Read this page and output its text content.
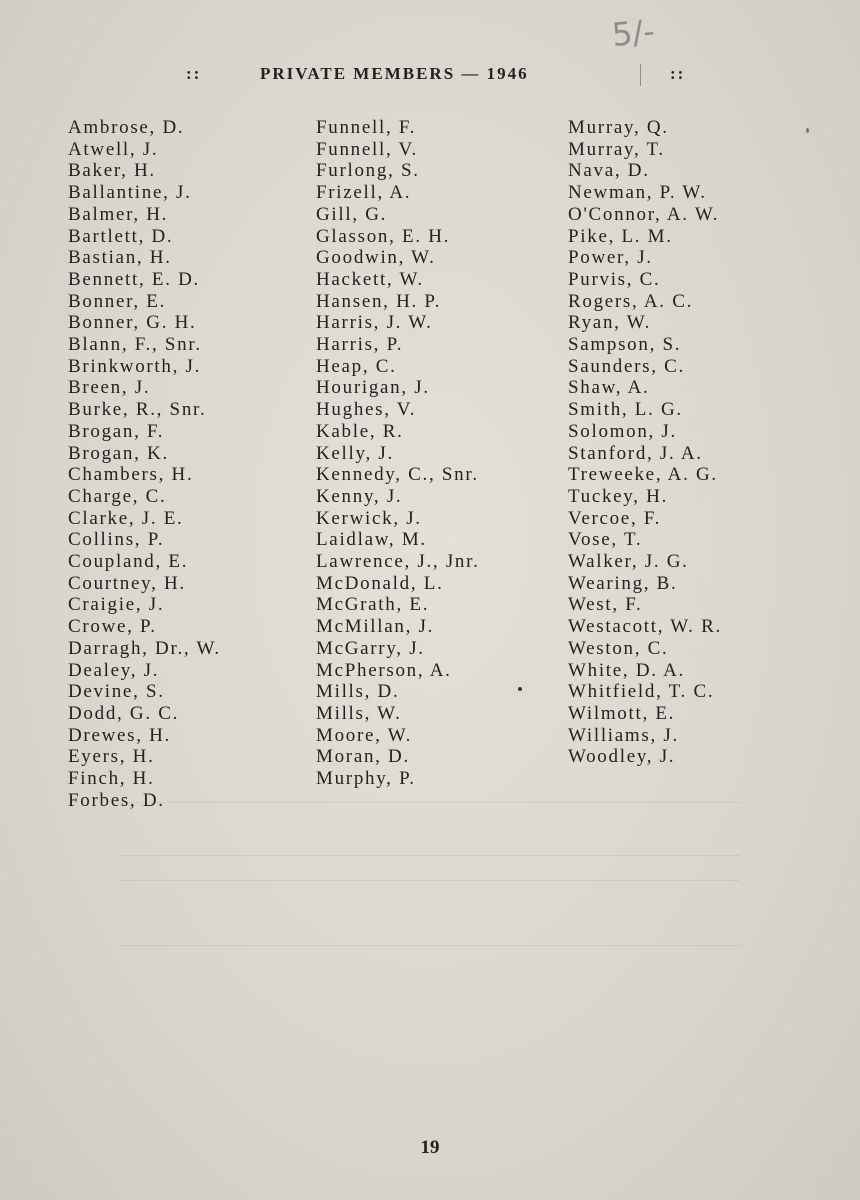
5/-
::	PRIVATE MEMBERS — 1946	::
Ambrose, D.
Atwell, J.
Baker, H.
Ballantine, J.
Balmer, H.
Bartlett, D.
Bastian, H.
Bennett, E. D.
Bonner, E.
Bonner, G. H.
Blann, F., Snr.
Brinkworth, J.
Breen, J.
Burke, R., Snr.
Brogan, F.
Brogan, K.
Chambers, H.
Charge, C.
Clarke, J. E.
Collins, P.
Coupland, E.
Courtney, H.
Craigie, J.
Crowe, P.
Darragh, Dr., W.
Dealey, J.
Devine, S.
Dodd, G. C.
Drewes, H.
Eyers, H.
Finch, H.
Forbes, D.
Funnell, F.
Funnell, V.
Furlong, S.
Frizell, A.
Gill, G.
Glasson, E. H.
Goodwin, W.
Hackett, W.
Hansen, H. P.
Harris, J. W.
Harris, P.
Heap, C.
Hourigan, J.
Hughes, V.
Kable, R.
Kelly, J.
Kennedy, C., Snr.
Kenny, J.
Kerwick, J.
Laidlaw, M.
Lawrence, J., Jnr.
McDonald, L.
McGrath, E.
McMillan, J.
McGarry, J.
McPherson, A.
Mills, D.
Mills, W.
Moore, W.
Moran, D.
Murphy, P.
Murray, Q.
Murray, T.
Nava, D.
Newman, P. W.
O'Connor, A. W.
Pike, L. M.
Power, J.
Purvis, C.
Rogers, A. C.
Ryan, W.
Sampson, S.
Saunders, C.
Shaw, A.
Smith, L. G.
Solomon, J.
Stanford, J. A.
Treweeke, A. G.
Tuckey, H.
Vercoe, F.
Vose, T.
Walker, J. G.
Wearing, B.
West, F.
Westacott, W. R.
Weston, C.
White, D. A.
Whitfield, T. C.
Wilmott, E.
Williams, J.
Woodley, J.
19
